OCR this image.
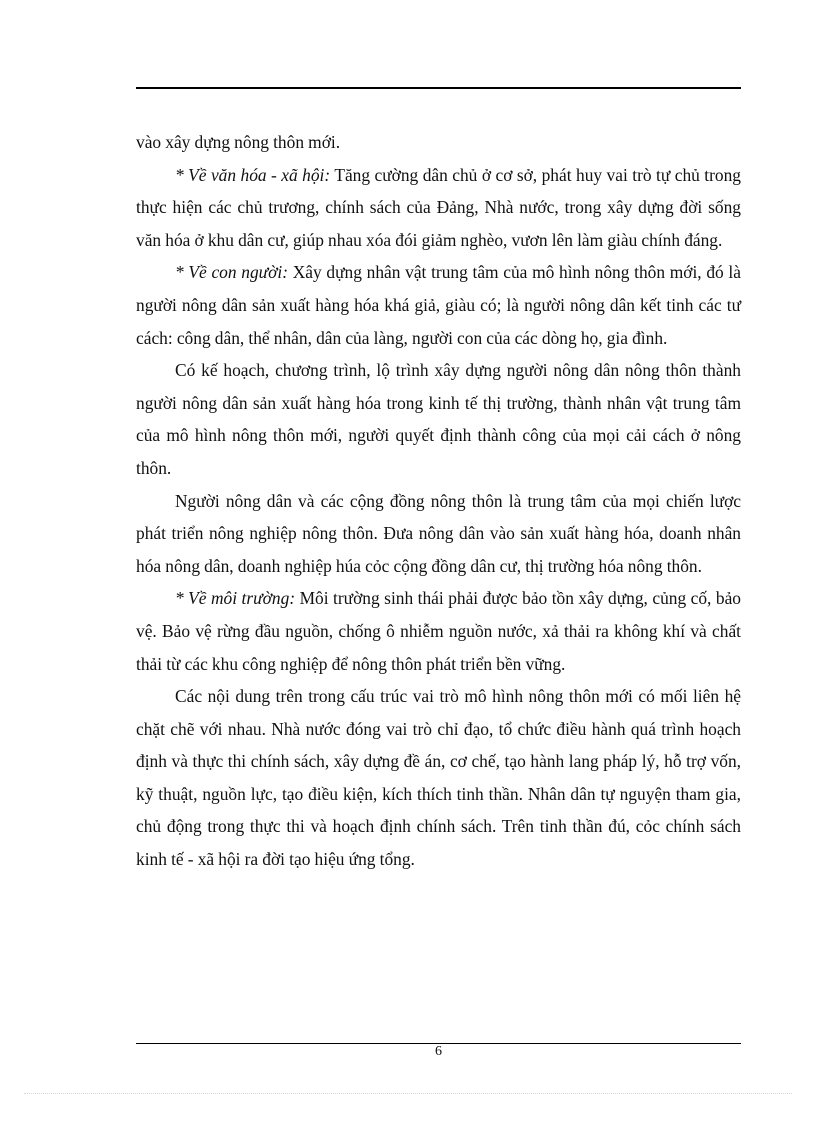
vào xây dựng nông thôn mới.

* Về văn hóa - xã hội: Tăng cường dân chủ ở cơ sở, phát huy vai trò tự chủ trong thực hiện các chủ trương, chính sách của Đảng, Nhà nước, trong xây dựng đời sống văn hóa ở khu dân cư, giúp nhau xóa đói giảm nghèo, vươn lên làm giàu chính đáng.

* Về con người: Xây dựng nhân vật trung tâm của mô hình nông thôn mới, đó là người nông dân sản xuất hàng hóa khá giả, giàu có; là người nông dân kết tinh các tư cách: công dân, thể nhân, dân của làng, người con của các dòng họ, gia đình.

Có kế hoạch, chương trình, lộ trình xây dựng người nông dân nông thôn thành người nông dân sản xuất hàng hóa trong kinh tế thị trường, thành nhân vật trung tâm của mô hình nông thôn mới, người quyết định thành công của mọi cải cách ở nông thôn.

Người nông dân và các cộng đồng nông thôn là trung tâm của mọi chiến lược phát triển nông nghiệp nông thôn. Đưa nông dân vào sản xuất hàng hóa, doanh nhân hóa nông dân, doanh nghiệp húa cỏc cộng đồng dân cư, thị trường hóa nông thôn.

* Về môi trường: Môi trường sinh thái phải được bảo tồn xây dựng, củng cố, bảo vệ. Bảo vệ rừng đầu nguồn, chống ô nhiễm nguồn nước, xả thải ra không khí và chất thải từ các khu công nghiệp để nông thôn phát triển bền vững.

Các nội dung trên trong cấu trúc vai trò mô hình nông thôn mới có mối liên hệ chặt chẽ với nhau. Nhà nước đóng vai trò chỉ đạo, tổ chức điều hành quá trình hoạch định và thực thi chính sách, xây dựng đề án, cơ chế, tạo hành lang pháp lý, hỗ trợ vốn, kỹ thuật, nguồn lực, tạo điều kiện, kích thích tinh thần. Nhân dân tự nguyện tham gia, chủ động trong thực thi và hoạch định chính sách. Trên tinh thần đú, cỏc chính sách kinh tế - xã hội ra đời tạo hiệu ứng tổng.

6
